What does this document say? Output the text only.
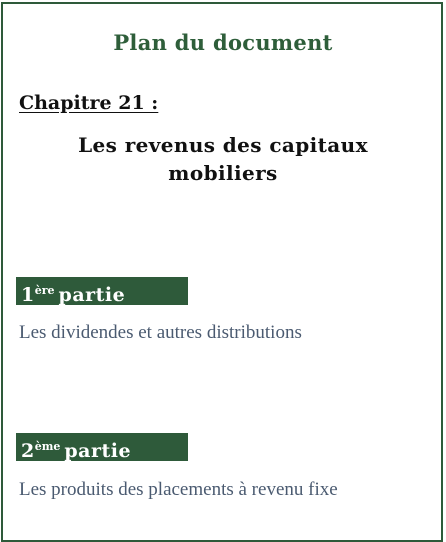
Plan du document
Chapitre 21 :
Les revenus des capitaux mobiliers
1ère partie
Les dividendes et autres distributions
2ème partie
Les produits des placements à revenu fixe
